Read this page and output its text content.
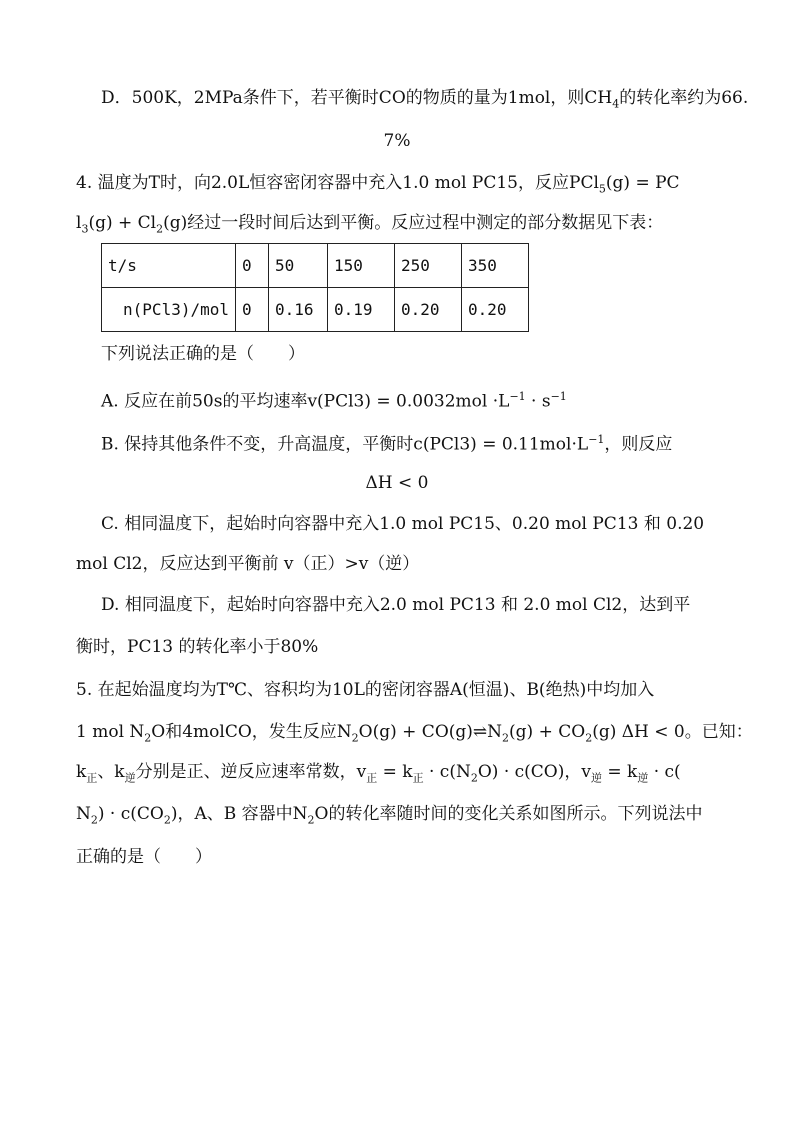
D．500K，2MPa条件下，若平衡时CO的物质的量为1mol，则$CH_4$的转化率约为66.
7%
4. 温度为T时，向2.0L恒容密闭容器中充入1.0 mol PC15，反应PCl$_5$(g) = PC
$l_3(g) + Cl_2(g)$经过一段时间后达到平衡。反应过程中测定的部分数据见下表：
t/s	0	50	150	250	350
n(PCl3)/mol	0	0.16	0.19	0.20	0.20
下列说法正确的是（　　）
A. 反应在前50s的平均速率$v(PCl3) = 0.0032mol \cdot L^{-1} \cdot s^{-1}$
B. 保持其他条件不变，升高温度，平衡时$c(PCl3) = 0.11mol\cdot L^{-1}$，则反应
ΔH < 0
C. 相同温度下，起始时向容器中充入1.0 mol PC15、0.20 mol PC13 和 0.20
mol Cl2，反应达到平衡前 v（正）>v（逆）
D. 相同温度下，起始时向容器中充入2.0 mol PC13 和 2.0 mol Cl2，达到平
衡时，PC13 的转化率小于80%
5. 在起始温度均为T℃、容积均为10L的密闭容器A(恒温)、B(绝热)中均加入
1 mol $N_2O$和4molCO，发生反应$N_2O(g)$ + $CO(g)\rightleftharpoons N_2(g) + CO_2(g) \Delta H < 0$。已知：
$k_正$、$k_逆$分别是正、逆反应速率常数，$v_正 = k_正 \cdot c(N_2O) \cdot c(CO)$，$v_逆 = k_逆 \cdot c$(
$N_2) \cdot c(CO_2)$，A、B 容器中$N_2O$的转化率随时间的变化关系如图所示。下列说法中
正确的是（　　）
